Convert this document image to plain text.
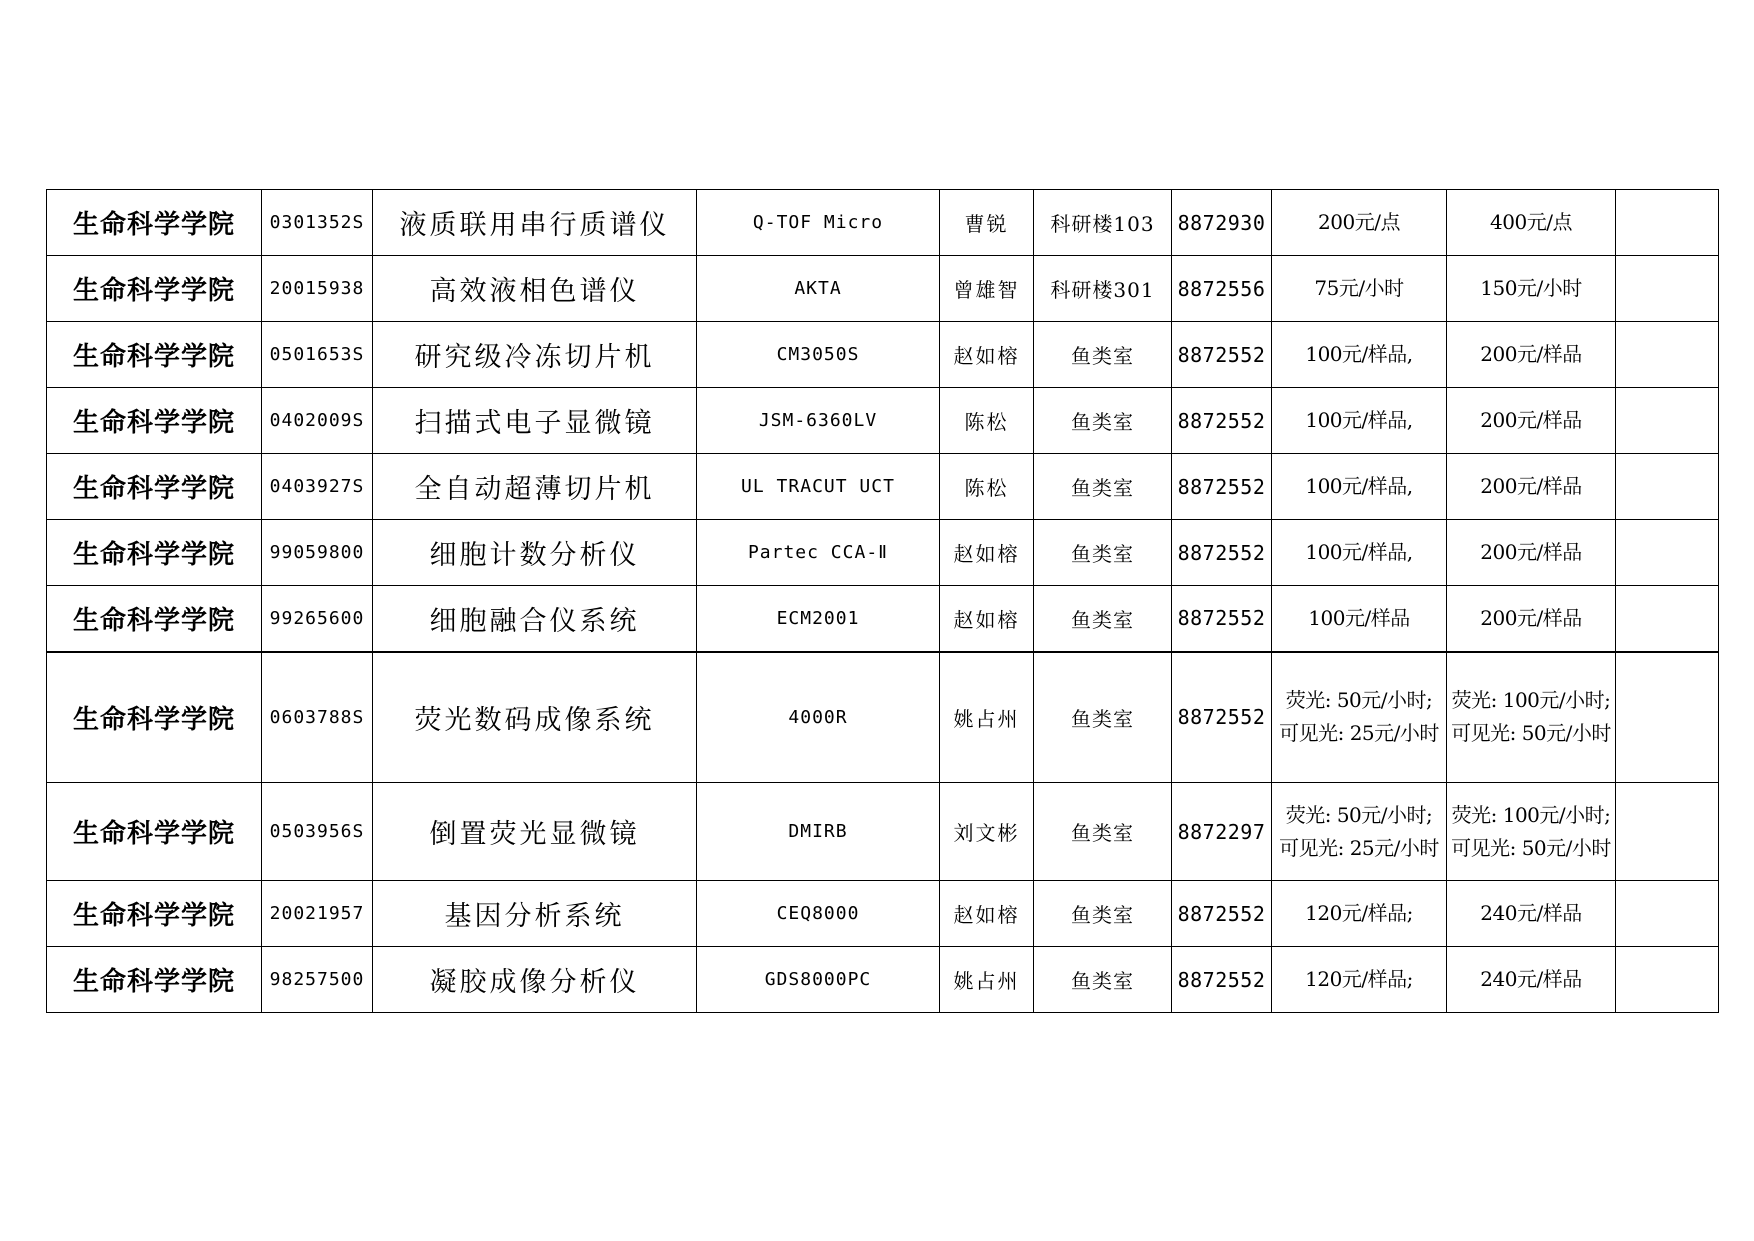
生命科学学院	0301352S	液质联用串行质谱仪	Q-TOF Micro	曹锐	科研楼103	8872930	200元/点	400元/点	
生命科学学院	20015938	高效液相色谱仪	AKTA	曾雄智	科研楼301	8872556	75元/小时	150元/小时	
生命科学学院	0501653S	研究级冷冻切片机	CM3050S	赵如榕	鱼类室	8872552	100元/样品,	200元/样品	
生命科学学院	0402009S	扫描式电子显微镜	JSM-6360LV	陈松	鱼类室	8872552	100元/样品,	200元/样品	
生命科学学院	0403927S	全自动超薄切片机	UL TRACUT UCT	陈松	鱼类室	8872552	100元/样品,	200元/样品	
生命科学学院	99059800	细胞计数分析仪	Partec CCA-Ⅱ	赵如榕	鱼类室	8872552	100元/样品,	200元/样品	
生命科学学院	99265600	细胞融合仪系统	ECM2001	赵如榕	鱼类室	8872552	100元/样品	200元/样品	
生命科学学院	0603788S	荧光数码成像系统	4000R	姚占州	鱼类室	8872552	荧光: 50元/小时; 可见光: 25元/小时	荧光: 100元/小时; 可见光: 50元/小时	
生命科学学院	0503956S	倒置荧光显微镜	DMIRB	刘文彬	鱼类室	8872297	荧光: 50元/小时; 可见光: 25元/小时	荧光: 100元/小时; 可见光: 50元/小时	
生命科学学院	20021957	基因分析系统	CEQ8000	赵如榕	鱼类室	8872552	120元/样品;	240元/样品	
生命科学学院	98257500	凝胶成像分析仪	GDS8000PC	姚占州	鱼类室	8872552	120元/样品;	240元/样品	
